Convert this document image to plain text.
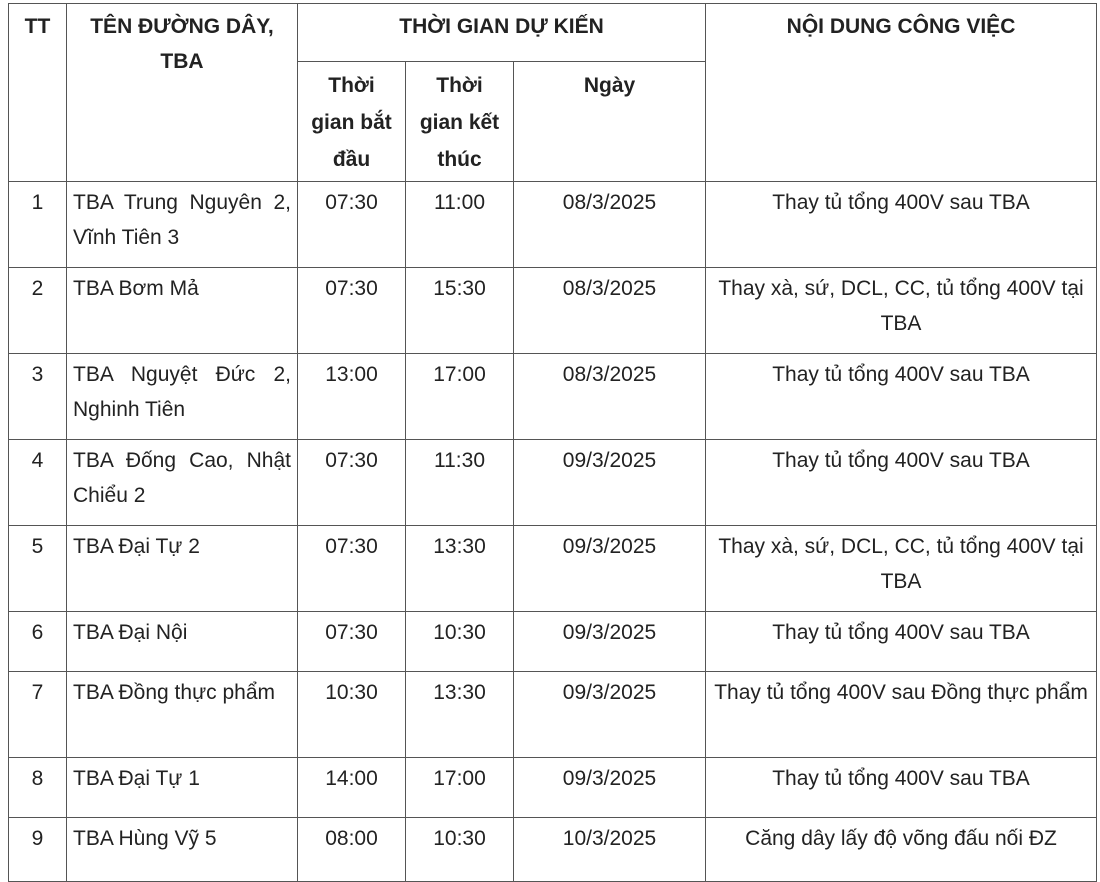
TT	TÊN ĐƯỜNG DÂY, TBA	THỜI GIAN DỰ KIẾN			NỘI DUNG CÔNG VIỆC
		Thời gian bắt đầu	Thời gian kết thúc	Ngày	
1	TBA Trung Nguyên 2, Vĩnh Tiên 3	07:30	11:00	08/3/2025	Thay tủ tổng 400V sau TBA
2	TBA Bơm Mả	07:30	15:30	08/3/2025	Thay xà, sứ, DCL, CC, tủ tổng 400V tại TBA
3	TBA Nguyệt Đức 2, Nghinh Tiên	13:00	17:00	08/3/2025	Thay tủ tổng 400V sau TBA
4	TBA Đống Cao, Nhật Chiểu 2	07:30	11:30	09/3/2025	Thay tủ tổng 400V sau TBA
5	TBA Đại Tự 2	07:30	13:30	09/3/2025	Thay xà, sứ, DCL, CC, tủ tổng 400V tại TBA
6	TBA Đại Nội	07:30	10:30	09/3/2025	Thay tủ tổng 400V sau TBA
7	TBA Đồng thực phẩm	10:30	13:30	09/3/2025	Thay tủ tổng 400V sau Đồng thực phẩm
8	TBA Đại Tự 1	14:00	17:00	09/3/2025	Thay tủ tổng 400V sau TBA
9	TBA Hùng Vỹ 5	08:00	10:30	10/3/2025	Căng dây lấy độ võng đấu nối ĐZ
